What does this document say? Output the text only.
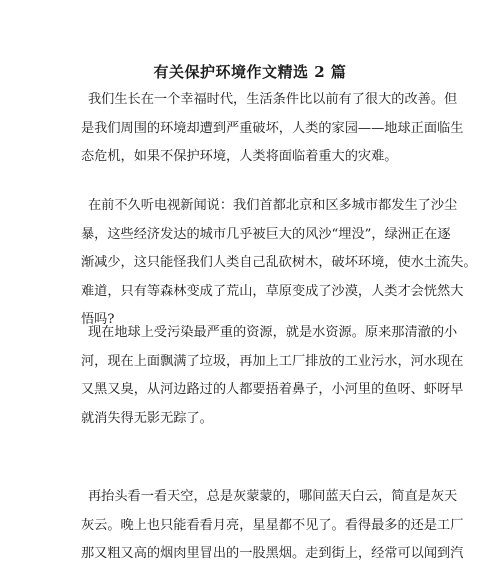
有关保护环境作文精选 2 篇
我们生长在一个幸福时代，生活条件比以前有了很大的改善。但
是我们周围的环境却遭到严重破坏，人类的家园——地球正面临生
态危机，如果不保护环境，人类将面临着重大的灾难。
在前不久听电视新闻说：我们首都北京和区多城市都发生了沙尘
暴，这些经济发达的城市几乎被巨大的风沙“埋没”，绿洲正在逐
渐减少，这只能怪我们人类自己乱砍树木，破坏环境，使水土流失。
难道，只有等森林变成了荒山，草原变成了沙漠，人类才会恍然大
悟吗?
现在地球上受污染最严重的资源，就是水资源。原来那清澈的小
河，现在上面飘满了垃圾，再加上工厂排放的工业污水，河水现在
又黑又臭，从河边路过的人都要捂着鼻子，小河里的鱼呀、虾呀早
就消失得无影无踪了。
再抬头看一看天空，总是灰蒙蒙的，哪间蓝天白云，简直是灰天
灰云。晚上也只能看看月亮，星星都不见了。看得最多的还是工厂
那又粗又高的烟肉里冒出的一股黑烟。走到街上，经常可以闻到汽
